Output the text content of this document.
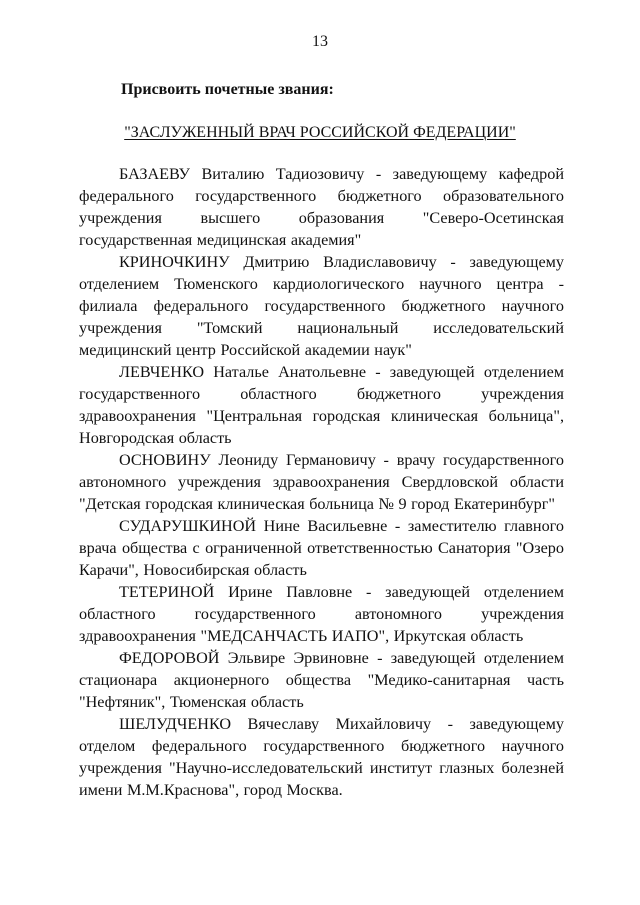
13
Присвоить почетные звания:
"ЗАСЛУЖЕННЫЙ ВРАЧ РОССИЙСКОЙ ФЕДЕРАЦИИ"

БАЗАЕВУ Виталию Тадиозовичу - заведующему кафедрой федерального государственного бюджетного образовательного учреждения высшего образования "Северо-Осетинская государственная медицинская академия"

КРИНОЧКИНУ Дмитрию Владиславовичу - заведующему отделением Тюменского кардиологического научного центра - филиала федерального государственного бюджетного научного учреждения "Томский национальный исследовательский медицинский центр Российской академии наук"

ЛЕВЧЕНКО Наталье Анатольевне - заведующей отделением государственного областного бюджетного учреждения здравоохранения "Центральная городская клиническая больница", Новгородская область

ОСНОВИНУ Леониду Германовичу - врачу государственного автономного учреждения здравоохранения Свердловской области "Детская городская клиническая больница № 9 город Екатеринбург"

СУДАРУШКИНОЙ Нине Васильевне - заместителю главного врача общества с ограниченной ответственностью Санатория "Озеро Карачи", Новосибирская область

ТЕТЕРИНОЙ Ирине Павловне - заведующей отделением областного государственного автономного учреждения здравоохранения "МЕДСАНЧАСТЬ ИАПО", Иркутская область

ФЕДОРОВОЙ Эльвире Эрвиновне - заведующей отделением стационара акционерного общества "Медико-санитарная часть "Нефтяник", Тюменская область

ШЕЛУДЧЕНКО Вячеславу Михайловичу - заведующему отделом федерального государственного бюджетного научного учреждения "Научно-исследовательский институт глазных болезней имени М.М.Краснова", город Москва.
